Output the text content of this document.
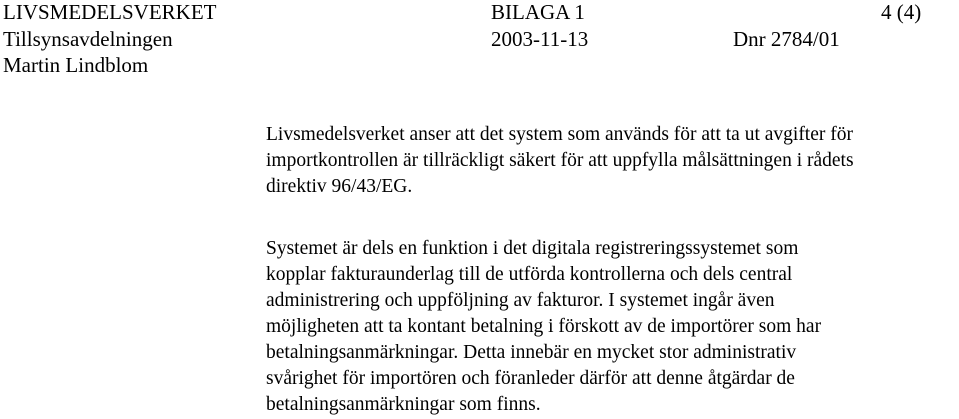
LIVSMEDELSVERKET	BILAGA 1	4 (4)
Tillsynsavdelningen	2003-11-13	Dnr 2784/01
Martin Lindblom
Livsmedelsverket anser att det system som används för att ta ut avgifter för
importkontrollen är tillräckligt säkert för att uppfylla målsättningen i rådets
direktiv 96/43/EG.
Systemet är dels en funktion i det digitala registreringssystemet som
kopplar fakturaunderlag till de utförda kontrollerna och dels central
administrering och uppföljning av fakturor. I systemet ingår även
möjligheten att ta kontant betalning i förskott av de importörer som har
betalningsanmärkningar. Detta innebär en mycket stor administrativ
svårighet för importören och föranleder därför att denne åtgärdar de
betalningsanmärkningar som finns.
